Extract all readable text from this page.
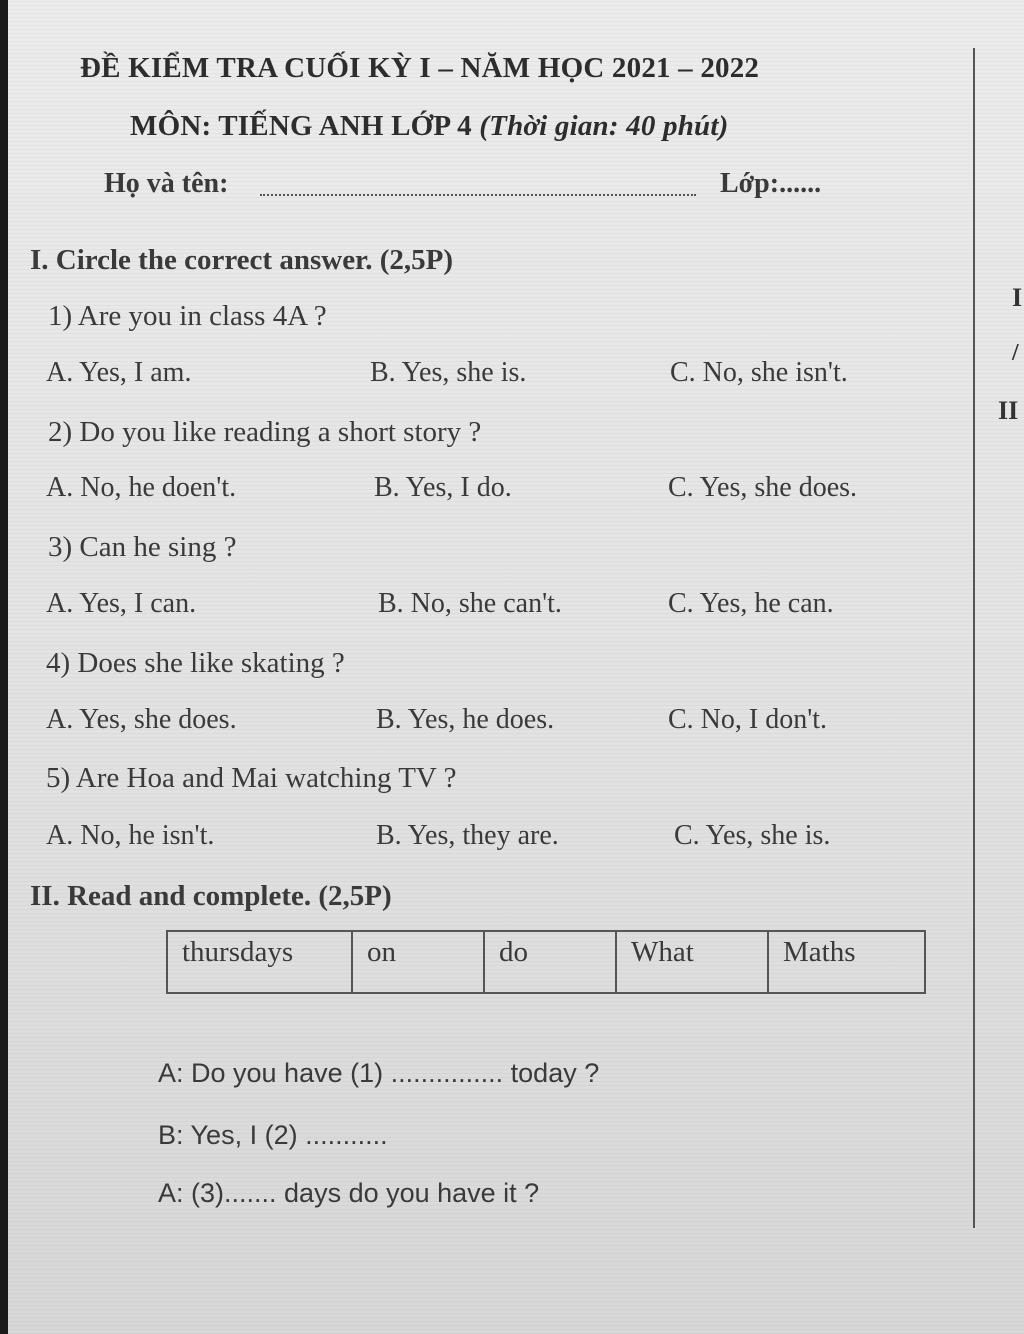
I
/
II
ĐỀ KIỂM TRA CUỐI KỲ I – NĂM HỌC 2021 – 2022
MÔN: TIẾNG ANH LỚP 4 (Thời gian: 40 phút)
Họ và tên:	Lớp:......
I. Circle the correct answer. (2,5P)
1) Are you in class 4A ?
A. Yes, I am.	B. Yes, she is.	C. No, she isn't.
2) Do you like reading a short story ?
A. No, he doen't.	B. Yes, I do.	C. Yes, she does.
3) Can he sing ?
A. Yes, I can.	B. No, she can't.	C. Yes, he can.
4) Does she like skating ?
A. Yes, she does.	B. Yes, he does.	C. No, I don't.
5) Are Hoa and Mai watching TV ?
A. No, he isn't.	B. Yes, they are.	C. Yes, she is.
II. Read and complete. (2,5P)
thursdays	on	do	What	Maths
A: Do you have (1) ............... today ?
B: Yes, I (2) ...........
A: (3)....... days do you have it ?
